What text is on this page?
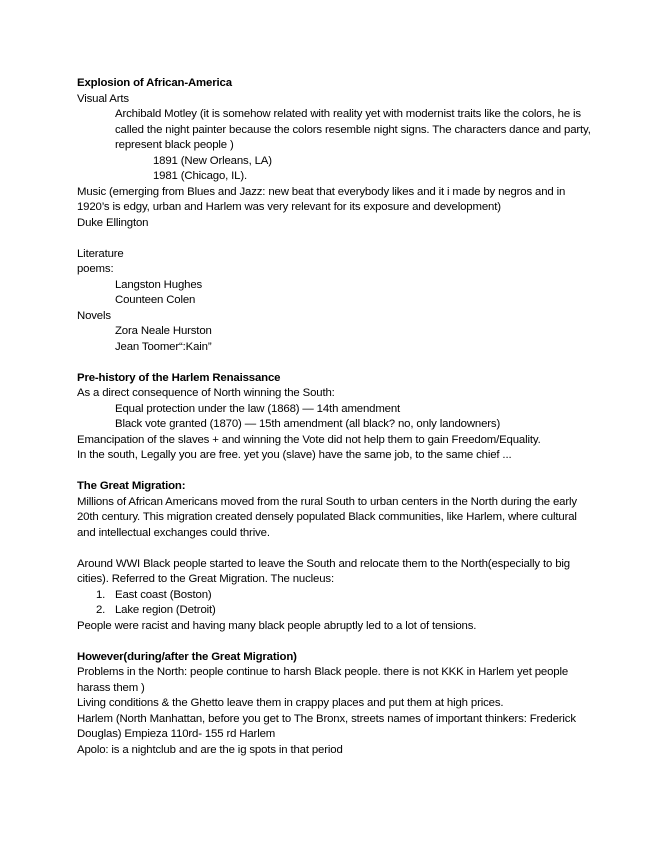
Explosion of African-America

Visual Arts

Archibald Motley (it is somehow related with reality yet with modernist traits like the colors, he is called the night painter because the colors resemble night signs. The characters dance and party, represent black people )

1891 (New Orleans, LA)

1981 (Chicago, IL).

Music (emerging from Blues and Jazz: new beat that everybody likes and it i made by negros and in 1920’s is edgy, urban and Harlem was very relevant for its exposure and development)

Duke Ellington

Literature

poems:

Langston Hughes

Counteen Colen

Novels

Zora Neale Hurston

Jean Toomer“:Kain”

Pre-history of the Harlem Renaissance

As a direct consequence of North winning the South:

Equal protection under the law (1868) — 14th amendment

Black vote granted (1870) — 15th amendment (all black? no, only landowners)

Emancipation of the slaves + and winning the Vote did not help them to gain Freedom/Equality.

In the south, Legally you are free. yet you (slave) have the same job, to the same chief ...

The Great Migration:

Millions of African Americans moved from the rural South to urban centers in the North during the early 20th century. This migration created densely populated Black communities, like Harlem, where cultural and intellectual exchanges could thrive.

Around WWI Black people started to leave the South and relocate them to the North(especially to big cities). Referred to the Great Migration. The nucleus:

1. East coast (Boston)
2. Lake region (Detroit)

People were racist and having many black people abruptly led to a lot of tensions.

However(during/after the Great Migration)

Problems in the North: people continue to harsh Black people. there is not KKK in Harlem yet people harass them )

Living conditions & the Ghetto leave them in crappy places and put them at high prices.

Harlem (North Manhattan, before you get to The Bronx, streets names of important thinkers: Frederick Douglas) Empieza 110rd- 155 rd Harlem

Apolo: is a nightclub and are the ig spots in that period
